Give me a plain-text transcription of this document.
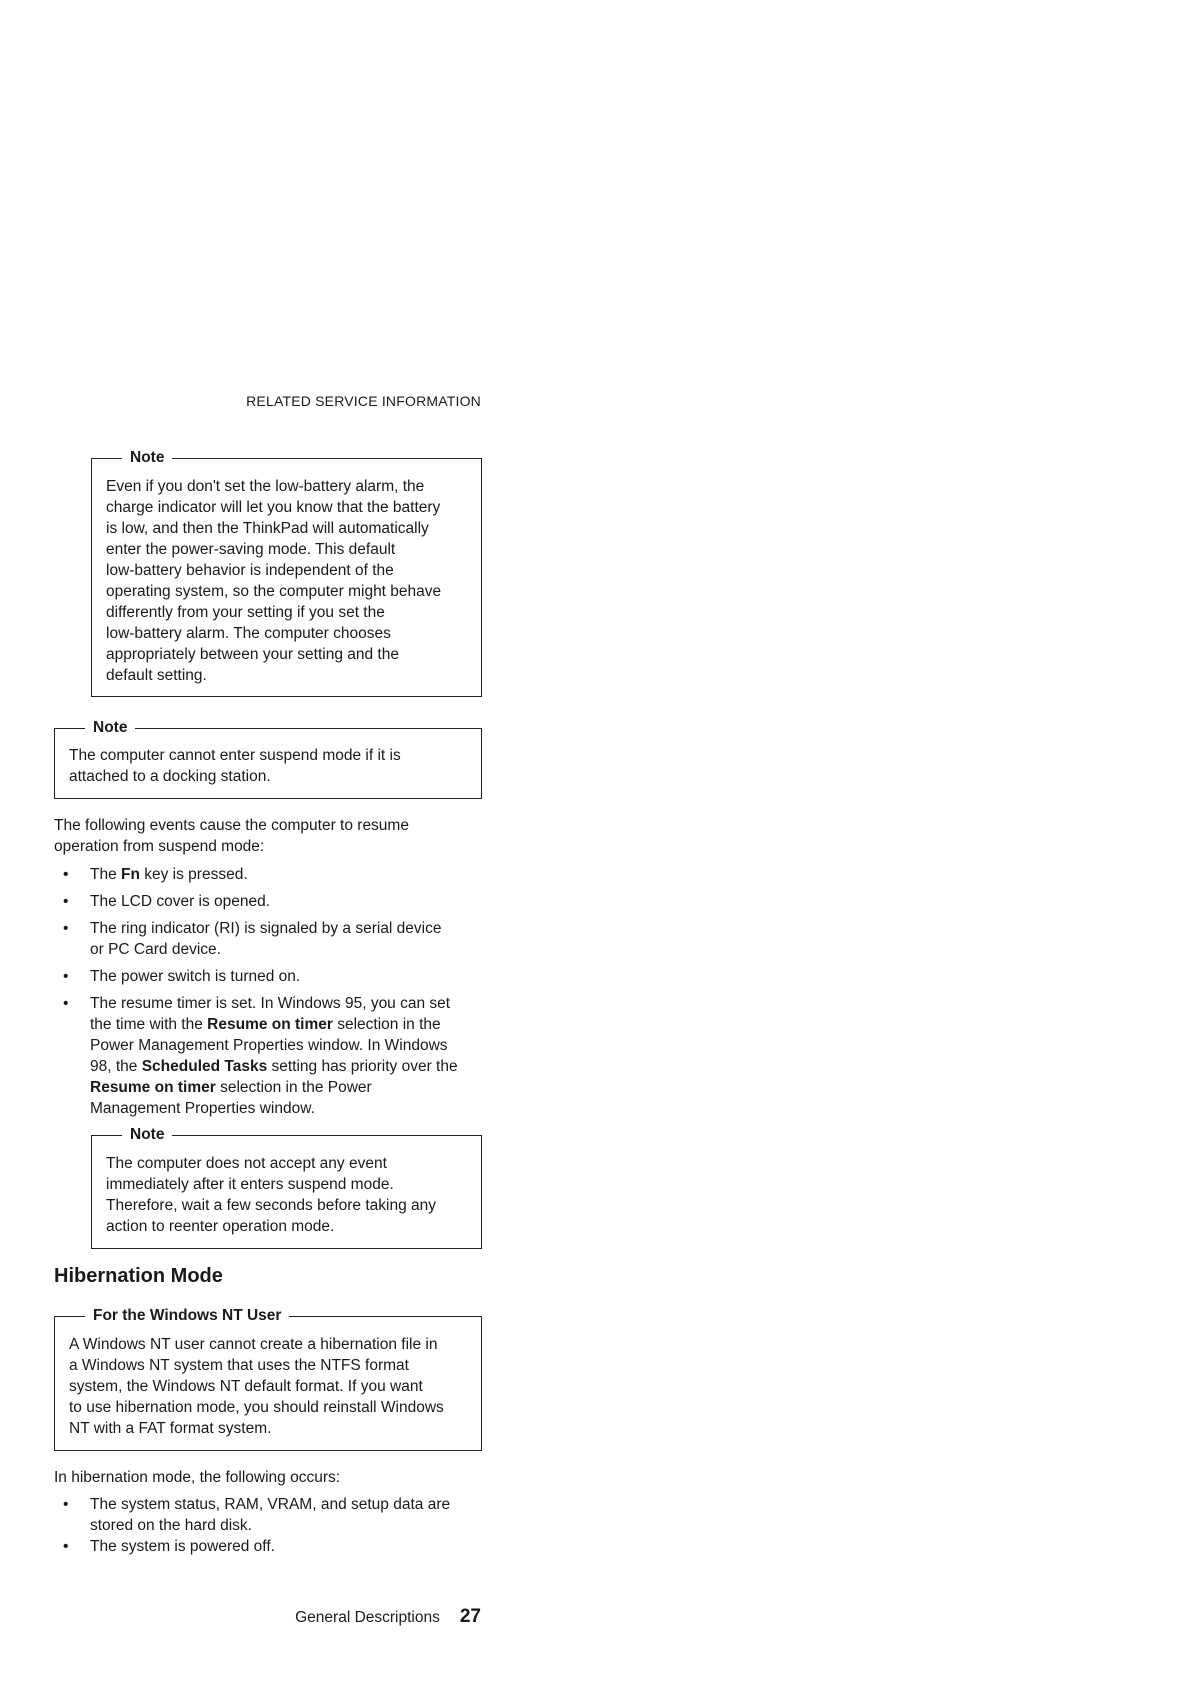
RELATED SERVICE INFORMATION
Note

Even if you don't set the low-battery alarm, the

charge indicator will let you know that the battery

is low, and then the ThinkPad will automatically

enter the power-saving mode. This default

low-battery behavior is independent of the

operating system, so the computer might behave

differently from your setting if you set the

low-battery alarm. The computer chooses

appropriately between your setting and the

default setting.

Note

The computer cannot enter suspend mode if it is

attached to a docking station.

The following events cause the computer to resume
operation from suspend mode:
• The Fn key is pressed.
• The LCD cover is opened.
• The ring indicator (RI) is signaled by a serial device
or PC Card device.
• The power switch is turned on.
• The resume timer is set. In Windows 95, you can set
the time with the Resume on timer selection in the
Power Management Properties window. In Windows
98, the Scheduled Tasks setting has priority over the
Resume on timer selection in the Power
Management Properties window.
Note

The computer does not accept any event

immediately after it enters suspend mode.

Therefore, wait a few seconds before taking any

action to reenter operation mode.

Hibernation Mode
For the Windows NT User

A Windows NT user cannot create a hibernation file in

a Windows NT system that uses the NTFS format

system, the Windows NT default format. If you want

to use hibernation mode, you should reinstall Windows

NT with a FAT format system.

In hibernation mode, the following occurs:
• The system status, RAM, VRAM, and setup data are
stored on the hard disk.
• The system is powered off.
General Descriptions 27
